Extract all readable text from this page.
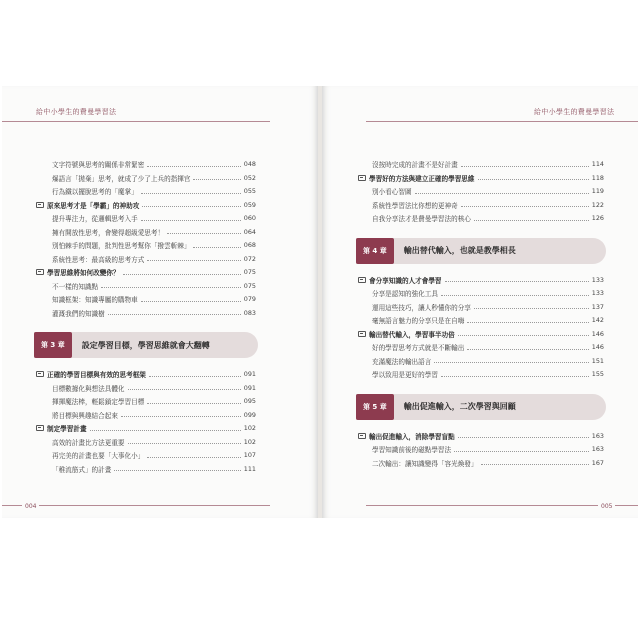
給中小學生的費曼學習法
004
文字符號與思考的關係非常緊密	048
爆語言「拋棄」思考，就成了少了上兵的指揮官	052
行為鐵以擺脫思考的「魔掌」	055
原來思考才是「學霸」的神助攻	059
提升專注力，從邏輯思考入手	060
擁有開放性思考，會變得超級愛思考！	064
別怕棘手的問題，批判性思考幫你「撥雲斬棘」	068
系統性思考：最高級的思考方式	072
學習思維將如何改變你？	075
不一樣的知識點	075
知識框架：知識專屬的購物車	079
灌溉我們的知識樹	083
第 3 章	設定學習目標，學習思維就會大翻轉
正確的學習目標與有效的思考框架	091
目標數據化與想法具體化	091
揮揮魔法棒，輕鬆鎖定學習目標	095
將目標與興趣結合起來	099
制定學習計畫	102
高效的計畫比方法更重要	102
再完美的計畫也要「大事化小」	107
「稚流筋式」的計畫	111
給中小學生的費曼學習法
005
沒按時完成的計畫不是好計畫	114
學習好的方法與建立正確的學習思維	118
別小看心智圖	119
系統性學習法比你想的更神奇	122
自我分享法才是費曼學習法的核心	126
第 4 章	輸出替代輸入，也就是教學相長
會分享知識的人才會學習	133
分享是認知的強化工具	133
運用這些技巧，讓人秒懂你的分享	137
毫無語言魅力的分享只是在自嗨	142
輸出替代輸入，學習事半功倍	146
好的學習思考方式就是不斷輸出	146
充滿魔法的輸出語言	151
學以致用是更好的學習	155
第 5 章	輸出促進輸入，二次學習與回顧
輸出促進輸入，消除學習盲點	163
學習知識前後的磁點學習法	163
二次輸出：讓知識變得「容光煥發」	167
